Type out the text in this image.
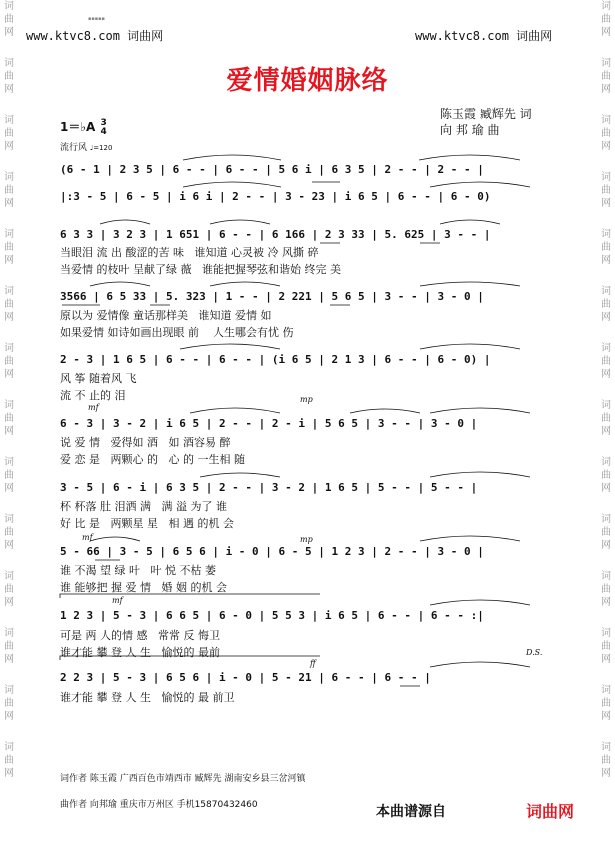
词
曲
网
词
曲
网
词
曲
网
词
曲
网
词
曲
网
词
曲
网
词
曲
网
词
曲
网
词
曲
网
词
曲
网
词
曲
网
词
曲
网
词
曲
网
词
曲
网
词
曲
网
词
曲
网
词
曲
网
词
曲
网
词
曲
网
词
曲
网
词
曲
网
词
曲
网
词
曲
网
词
曲
网
词
曲
网
词
曲
网
词
曲
网
词
曲
网
▪▪▪▪▪
www.ktvc8.com 词曲网	www.ktvc8.com 词曲网
爱情婚姻脉络
陈玉霞 臧辉先 词
向 邦 瑜 曲
1＝♭A 3
4
流行风 ♩=120
(6 - 1 | 2 3 5 | 6 - - | 6 - - | 5 6 i | 6 3 5 | 2 - - | 2 - - |
|:3 - 5 | 6 - 5 | i 6 i | 2 - - | 3 - 23 | i 6 5 | 6 - - | 6 - 0)
6 3 3 | 3 2 3 | 1 651 | 6 - - | 6 166 | 2 3 33 | 5. 625 | 3 - - |
当眼泪 流 出 酸涩的苦 味   谁知道 心灵被 冷 风撕 碎
当爱情 的枝叶 呈献了绿 薇   谁能把握琴弦和谐始 终完 美
3566 | 6 5 33 | 5. 323 | 1 - - | 2 221 | 5 6 5 | 3 - - | 3 - 0 |
原以为 爱情像 童话那样美   谁知道 爱情 如
如果爱情 如诗如画出现眼 前    人生哪会有忧 伤
2 - 3 | 1 6 5 | 6 - - | 6 - - | (i 6 5 | 2 1 3 | 6 - - | 6 - 0) |
风 筝 随着风 飞
流 不 止的 泪
mf
mp
6 - 3 | 3 - 2 | i 6 5 | 2 - - | 2 - i | 5 6 5 | 3 - - | 3 - 0 |
说 爱 情   爱得如 酒   如 酒容易 醉
爱 恋 是   两颗心 的   心 的 一生相 随
3 - 5 | 6 - i | 6 3 5 | 2 - - | 3 - 2 | 1 6 5 | 5 - - | 5 - - |
杯 杯落 肚 泪洒 满   满 溢 为了 谁
好 比 是   两颗星 星   相 遇 的机 会
mf	mp
5 - 66 | 3 - 5 | 6 5 6 | i - 0 | 6 - 5 | 1 2 3 | 2 - - | 3 - 0 |
谁 不渴 望 绿 叶   叶 悦 不枯 萎
谁 能够把 握 爱 情   婚 姻 的机 会
mf
1 2 3 | 5 - 3 | 6 6 5 | 6 - 0 | 5 5 3 | i 6 5 | 6 - - | 6 - - :|
可是 两 人的情 感   常常 反 悔卫
谁才能 攀 登 人 生   愉悦的 最前	D.S.
ff
2 2 3 | 5 - 3 | 6 5 6 | i - 0 | 5 - 21 | 6 - - | 6 - - |
谁才能 攀 登 人 生   愉悦的 最 前卫
词作者 陈玉霞 广西百色市靖西市 臧辉先 湖南安乡县三岔河镇
曲作者 向邦瑜 重庆市万州区 手机15870432460	本曲谱源自	词曲网
